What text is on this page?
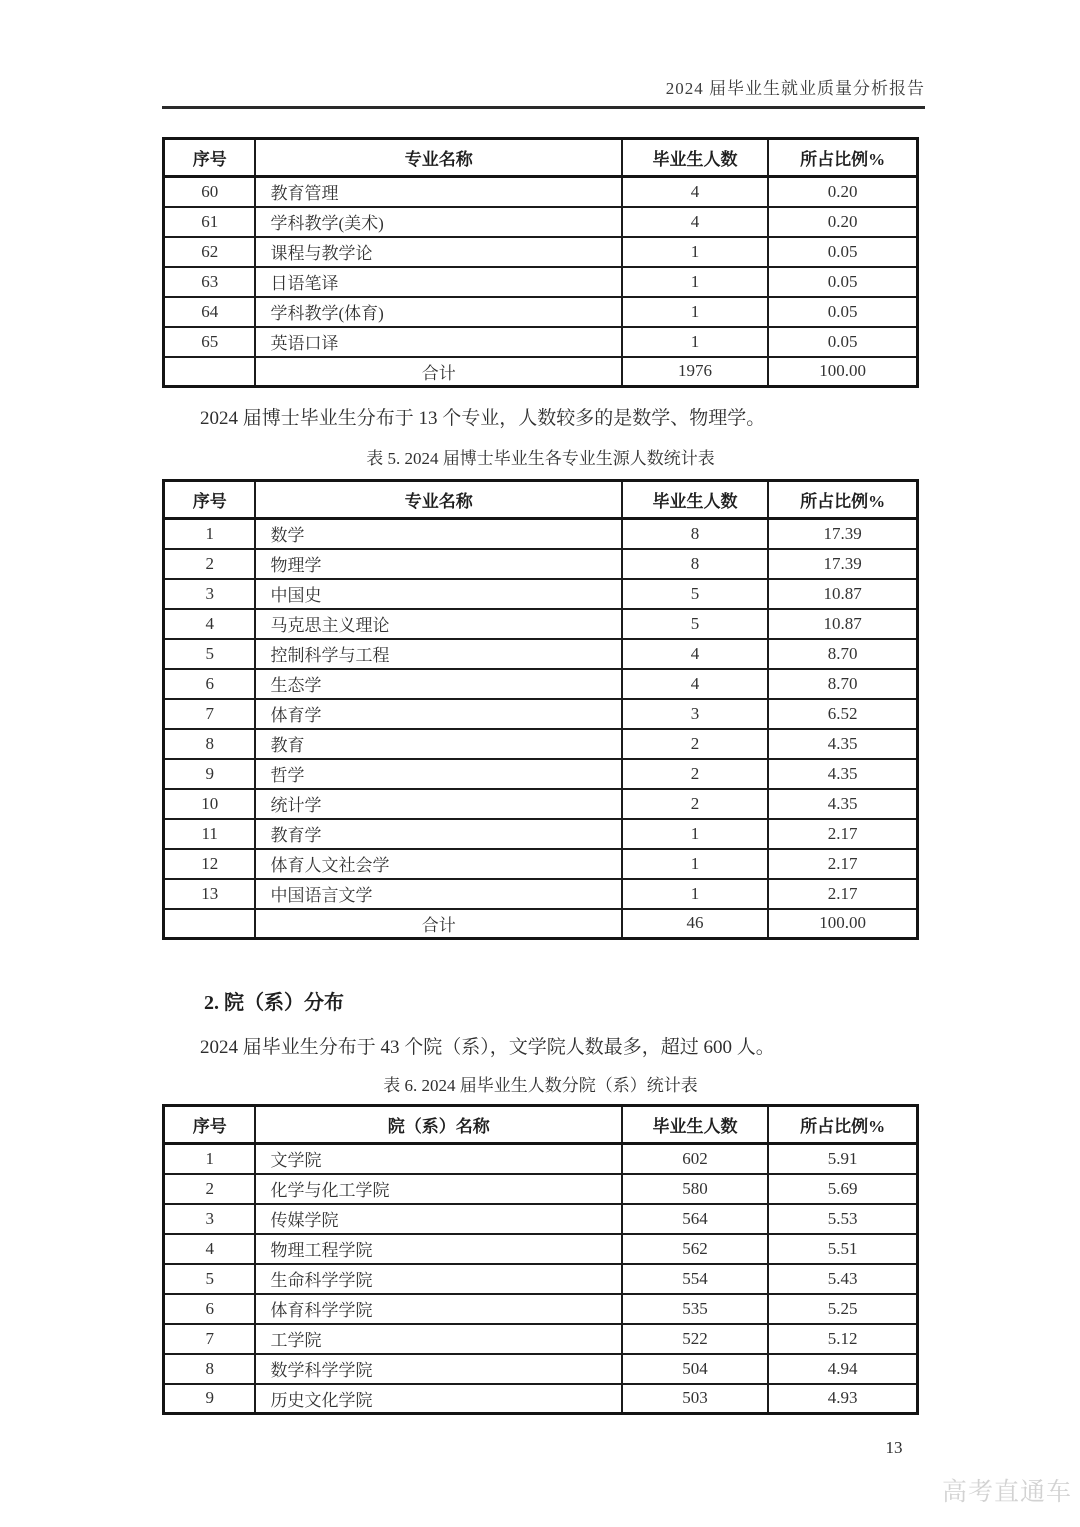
2024 届毕业生就业质量分析报告
序号	专业名称	毕业生人数	所占比例%
60	教育管理	4	0.20
61	学科教学(美术)	4	0.20
62	课程与教学论	1	0.05
63	日语笔译	1	0.05
64	学科教学(体育)	1	0.05
65	英语口译	1	0.05
	合计	1976	100.00

2024 届博士毕业生分布于 13 个专业，人数较多的是数学、物理学。

表 5. 2024 届博士毕业生各专业生源人数统计表
序号	专业名称	毕业生人数	所占比例%
1	数学	8	17.39
2	物理学	8	17.39
3	中国史	5	10.87
4	马克思主义理论	5	10.87
5	控制科学与工程	4	8.70
6	生态学	4	8.70
7	体育学	3	6.52
8	教育	2	4.35
9	哲学	2	4.35
10	统计学	2	4.35
11	教育学	1	2.17
12	体育人文社会学	1	2.17
13	中国语言文学	1	2.17
	合计	46	100.00
2. 院（系）分布

2024 届毕业生分布于 43 个院（系），文学院人数最多，超过 600 人。

表 6. 2024 届毕业生人数分院（系）统计表
序号	院（系）名称	毕业生人数	所占比例%
1	文学院	602	5.91
2	化学与化工学院	580	5.69
3	传媒学院	564	5.53
4	物理工程学院	562	5.51
5	生命科学学院	554	5.43
6	体育科学学院	535	5.25
7	工学院	522	5.12
8	数学科学学院	504	4.94
9	历史文化学院	503	4.93
13
高考直通车
